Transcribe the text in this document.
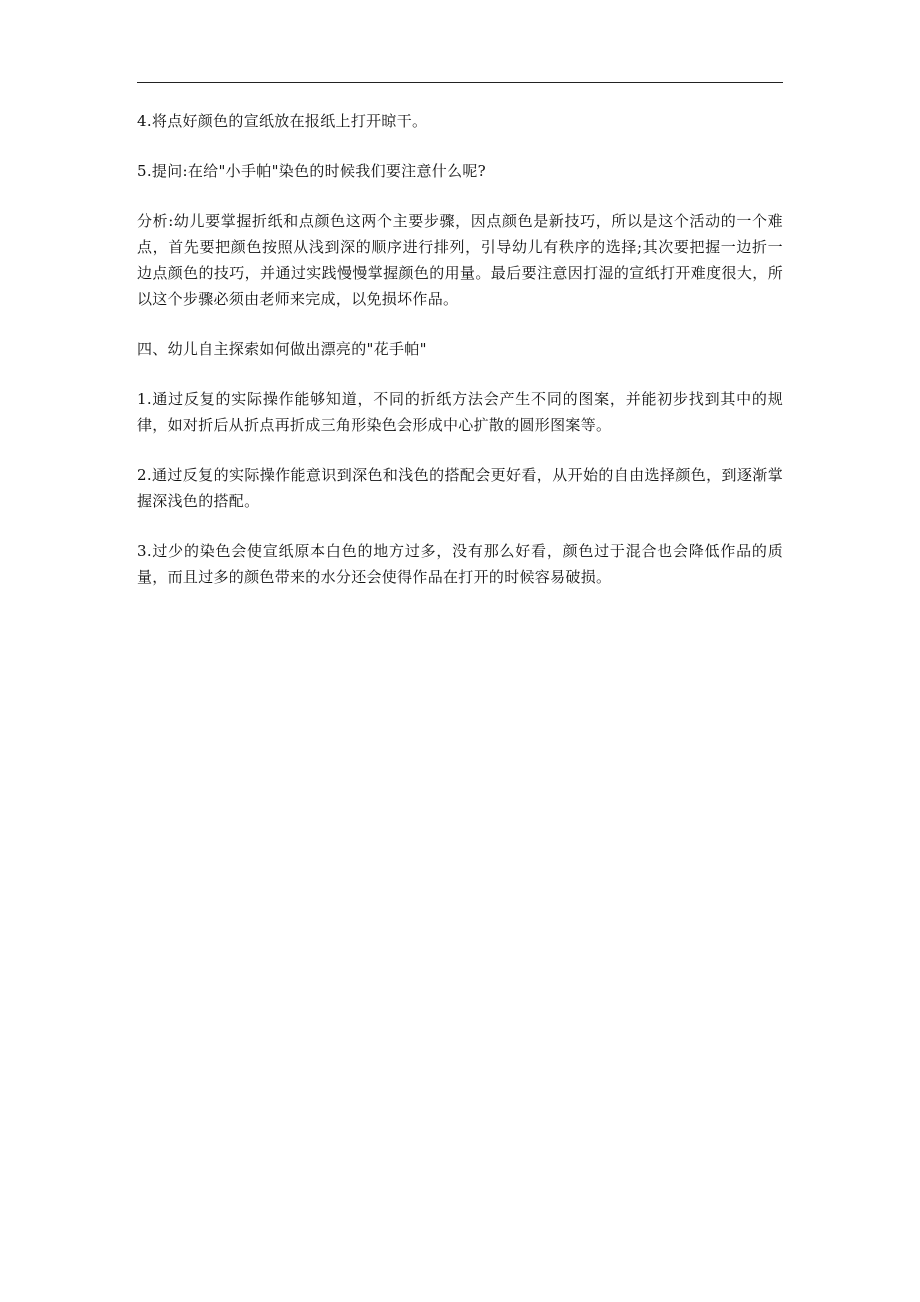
4.将点好颜色的宣纸放在报纸上打开晾干。

5.提问:在给"小手帕"染色的时候我们要注意什么呢?

分析:幼儿要掌握折纸和点颜色这两个主要步骤，因点颜色是新技巧，所以是这个活动的一个难点，首先要把颜色按照从浅到深的顺序进行排列，引导幼儿有秩序的选择;其次要把握一边折一边点颜色的技巧，并通过实践慢慢掌握颜色的用量。最后要注意因打湿的宣纸打开难度很大，所以这个步骤必须由老师来完成，以免损坏作品。

四、幼儿自主探索如何做出漂亮的"花手帕"

1.通过反复的实际操作能够知道，不同的折纸方法会产生不同的图案，并能初步找到其中的规律，如对折后从折点再折成三角形染色会形成中心扩散的圆形图案等。

2.通过反复的实际操作能意识到深色和浅色的搭配会更好看，从开始的自由选择颜色，到逐渐掌握深浅色的搭配。

3.过少的染色会使宣纸原本白色的地方过多，没有那么好看，颜色过于混合也会降低作品的质量，而且过多的颜色带来的水分还会使得作品在打开的时候容易破损。
